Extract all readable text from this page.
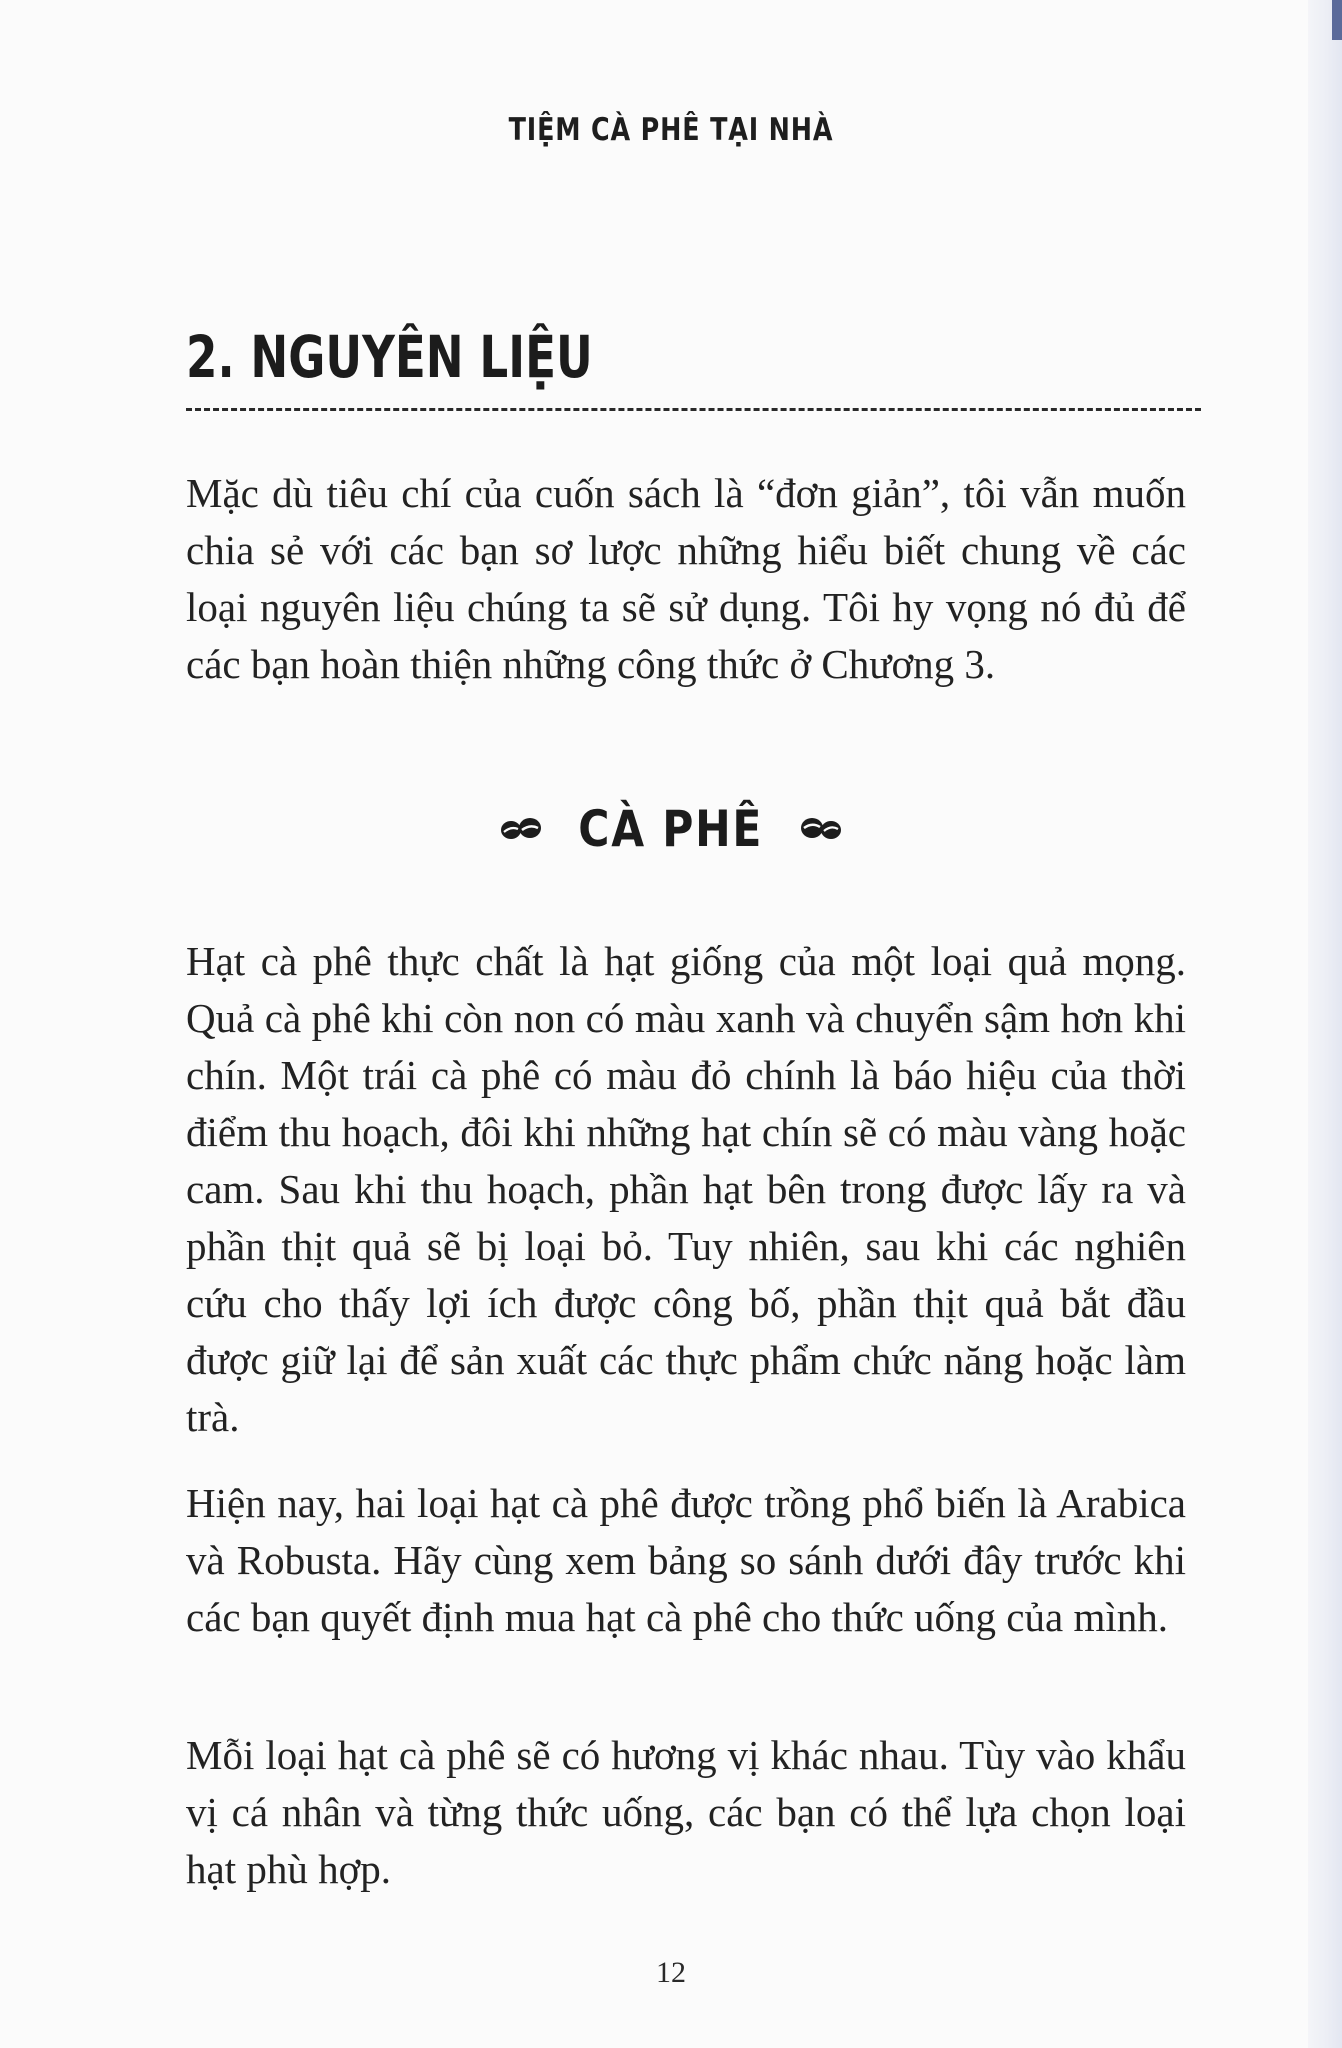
TIỆM CÀ PHÊ TẠI NHÀ
2. NGUYÊN LIỆU

Mặc dù tiêu chí của cuốn sách là “đơn giản”, tôi vẫn muốn chia sẻ với các bạn sơ lược những hiểu biết chung về các loại nguyên liệu chúng ta sẽ sử dụng. Tôi hy vọng nó đủ để các bạn hoàn thiện những công thức ở Chương 3.

CÀ PHÊ

Hạt cà phê thực chất là hạt giống của một loại quả mọng. Quả cà phê khi còn non có màu xanh và chuyển sậm hơn khi chín. Một trái cà phê có màu đỏ chính là báo hiệu của thời điểm thu hoạch, đôi khi những hạt chín sẽ có màu vàng hoặc cam. Sau khi thu hoạch, phần hạt bên trong được lấy ra và phần thịt quả sẽ bị loại bỏ. Tuy nhiên, sau khi các nghiên cứu cho thấy lợi ích được công bố, phần thịt quả bắt đầu được giữ lại để sản xuất các thực phẩm chức năng hoặc làm trà.

Hiện nay, hai loại hạt cà phê được trồng phổ biến là Arabica và Robusta. Hãy cùng xem bảng so sánh dưới đây trước khi các bạn quyết định mua hạt cà phê cho thức uống của mình.

Mỗi loại hạt cà phê sẽ có hương vị khác nhau. Tùy vào khẩu vị cá nhân và từng thức uống, các bạn có thể lựa chọn loại hạt phù hợp.

12
